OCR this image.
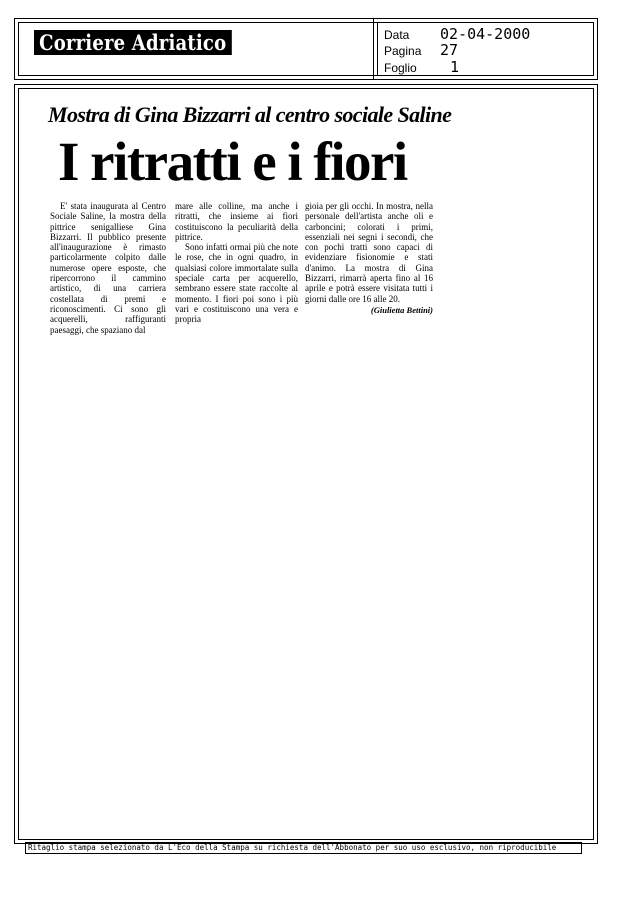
Corriere Adriatico	Data 02-04-2000
Pagina 27
Foglio 1
Mostra di Gina Bizzarri al centro sociale Saline
I ritratti e i fiori

E' stata inaugurata al Centro Sociale Saline, la mostra della pittrice senigalliese Gina Bizzarri. Il pubblico presente all'inaugurazione è rimasto particolarmente colpito dalle numerose opere esposte, che ripercorrono il cammino artistico, di una carriera costellata di premi e riconoscimenti. Ci sono gli acquerelli, raffiguranti paesaggi, che spaziano dal

mare alle colline, ma anche i ritratti, che insieme ai fiori costituiscono la peculiarità della pittrice.

Sono infatti ormai più che note le rose, che in ogni quadro, in qualsiasi colore immortalate sulla speciale carta per acquerello, sembrano essere state raccolte al momento. I fiori poi sono i più vari e costituiscono una vera e propria

gioia per gli occhi. In mostra, nella personale dell'artista anche oli e carboncini; colorati i primi, essenziali nei segni i secondi, che con pochi tratti sono capaci di evidenziare fisionomie e stati d'animo. La mostra di Gina Bizzarri, rimarrà aperta fino al 16 aprile e potrà essere visitata tutti i giorni dalle ore 16 alle 20.

(Giulietta Bettini)
Ritaglio stampa selezionato da L'Eco della Stampa su richiesta dell'Abbonato per suo uso esclusivo, non riproducibile
